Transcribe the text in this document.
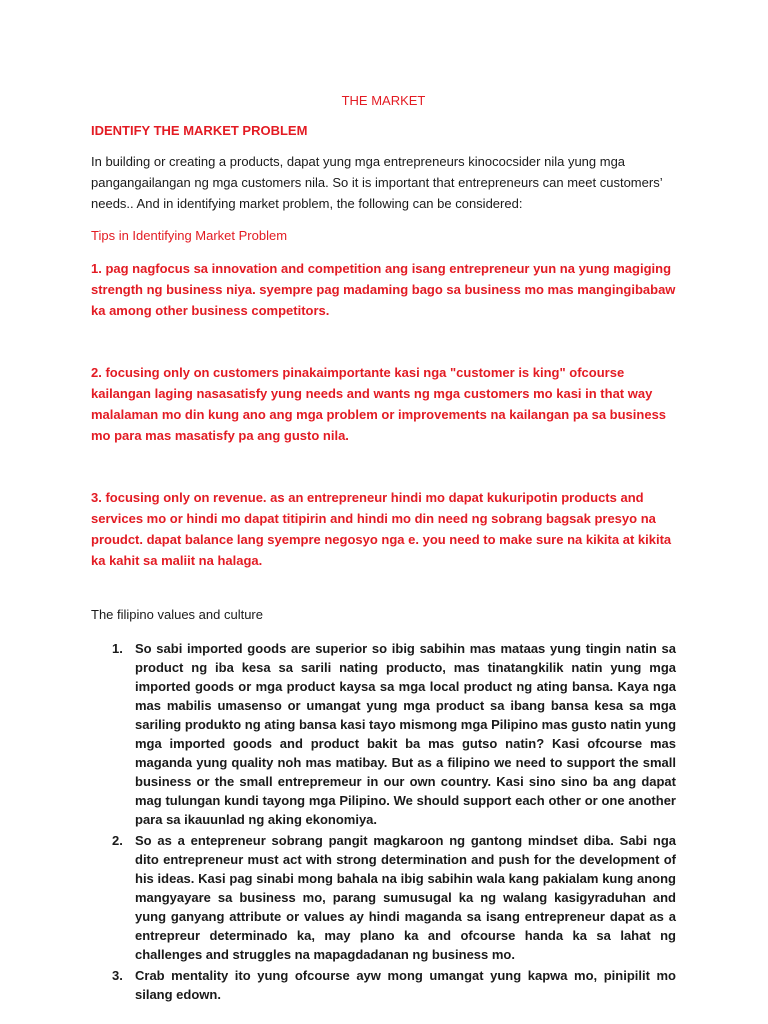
THE MARKET
IDENTIFY THE MARKET PROBLEM

In building or creating a products, dapat yung mga entrepreneurs kinococsider nila yung mga pangangailangan ng mga customers nila. So it is important that entrepreneurs can meet customers’ needs.. And in identifying market problem, the following can be considered:

Tips in Identifying Market Problem

1. pag nagfocus sa innovation and competition ang isang entrepreneur yun na yung magiging strength ng business niya. syempre pag madaming bago sa business mo mas mangingibabaw ka among other business competitors.

2. focusing only on customers pinakaimportante kasi nga "customer is king" ofcourse kailangan laging nasasatisfy yung needs and wants ng mga customers mo kasi in that way malalaman mo din kung ano ang mga problem or improvements na kailangan pa sa business mo para mas masatisfy pa ang gusto nila.

3. focusing only on revenue. as an entrepreneur hindi mo dapat kukuripotin products and services mo or hindi mo dapat titipirin and hindi mo din need ng sobrang bagsak presyo na proudct. dapat balance lang syempre negosyo nga e. you need to make sure na kikita at kikita ka kahit sa maliit na halaga.

The filipino values and culture
1. So sabi imported goods are superior so ibig sabihin mas mataas yung tingin natin sa product ng iba kesa sa sarili nating producto, mas tinatangkilik natin yung mga imported goods or mga product kaysa sa mga local product ng ating bansa. Kaya nga mas mabilis umasenso or umangat yung mga product sa ibang bansa kesa sa mga sariling produkto ng ating bansa kasi tayo mismong mga Pilipino mas gusto natin yung mga imported goods and product bakit ba mas gutso natin? Kasi ofcourse mas maganda yung quality noh mas matibay. But as a filipino we need to support the small business or the small entrepremeur in our own country. Kasi sino sino ba ang dapat mag tulungan kundi tayong mga Pilipino. We should support each other or one another para sa ikauunlad ng aking ekonomiya.
2. So as a entepreneur sobrang pangit magkaroon ng gantong mindset diba. Sabi nga dito entrepreneur must act with strong determination and push for the development of his ideas. Kasi pag sinabi mong bahala na ibig sabihin wala kang pakialam kung anong mangyayare sa business mo, parang sumusugal ka ng walang kasigyraduhan and yung ganyang attribute or values ay hindi maganda sa isang entrepreneur dapat as a entrepreur determinado ka, may plano ka and ofcourse handa ka sa lahat ng challenges and struggles na mapagdadanan ng business mo.
3. Crab mentality ito yung ofcourse ayw mong umangat yung kapwa mo, pinipilit mo silang edown.
